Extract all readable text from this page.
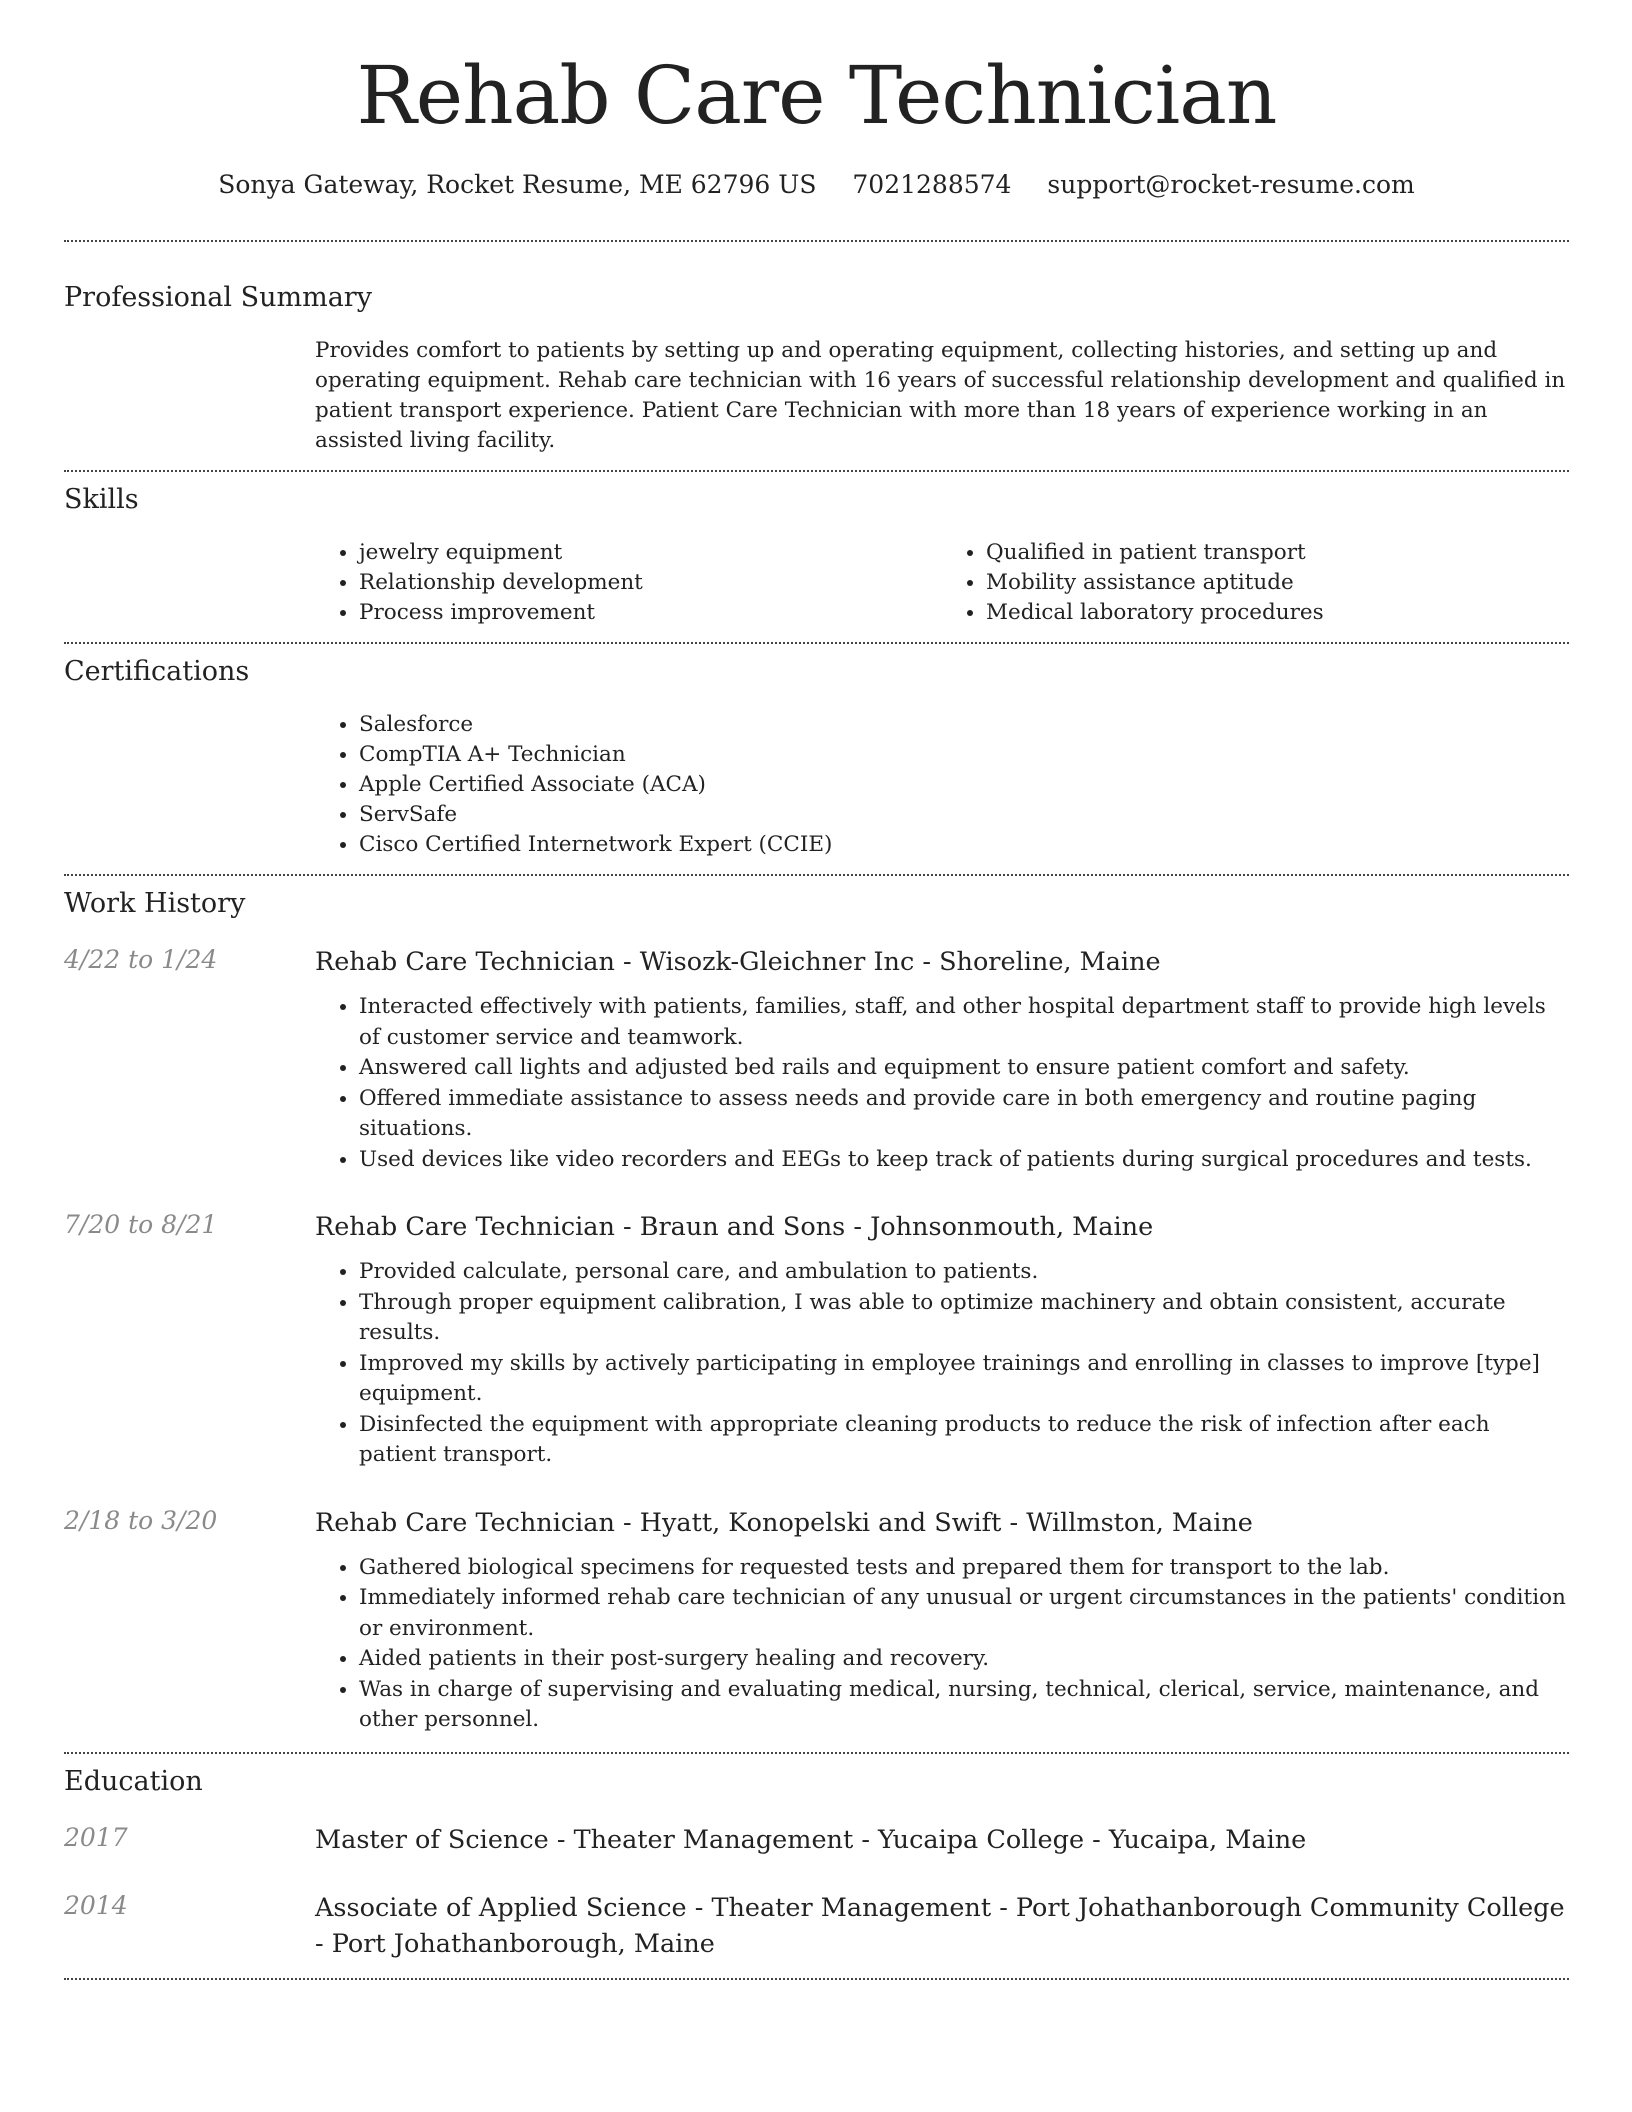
Rehab Care Technician
Sonya Gateway, Rocket Resume, ME 62796 US 7021288574 support@rocket-resume.com
Professional Summary

Provides comfort to patients by setting up and operating equipment, collecting histories, and setting up and operating equipment. Rehab care technician with 16 years of successful relationship development and qualified in patient transport experience. Patient Care Technician with more than 18 years of experience working in an assisted living facility.

Skills
• jewelry equipment
• Relationship development
• Process improvement
• Qualified in patient transport
• Mobility assistance aptitude
• Medical laboratory procedures
Certifications
• Salesforce
• CompTIA A+ Technician
• Apple Certified Associate (ACA)
• ServSafe
• Cisco Certified Internetwork Expert (CCIE)
Work History
4/22 to 1/24	Rehab Care Technician - Wisozk-Gleichner Inc - Shoreline, Maine
• Interacted effectively with patients, families, staff, and other hospital department staff to provide high levels of customer service and teamwork.
• Answered call lights and adjusted bed rails and equipment to ensure patient comfort and safety.
• Offered immediate assistance to assess needs and provide care in both emergency and routine paging situations.
• Used devices like video recorders and EEGs to keep track of patients during surgical procedures and tests.
7/20 to 8/21	Rehab Care Technician - Braun and Sons - Johnsonmouth, Maine
• Provided calculate, personal care, and ambulation to patients.
• Through proper equipment calibration, I was able to optimize machinery and obtain consistent, accurate results.
• Improved my skills by actively participating in employee trainings and enrolling in classes to improve [type] equipment.
• Disinfected the equipment with appropriate cleaning products to reduce the risk of infection after each patient transport.
2/18 to 3/20	Rehab Care Technician - Hyatt, Konopelski and Swift - Willmston, Maine
• Gathered biological specimens for requested tests and prepared them for transport to the lab.
• Immediately informed rehab care technician of any unusual or urgent circumstances in the patients' condition or environment.
• Aided patients in their post-surgery healing and recovery.
• Was in charge of supervising and evaluating medical, nursing, technical, clerical, service, maintenance, and other personnel.
Education
2017	Master of Science - Theater Management - Yucaipa College - Yucaipa, Maine
2014	Associate of Applied Science - Theater Management - Port Johathanborough Community College - Port Johathanborough, Maine
